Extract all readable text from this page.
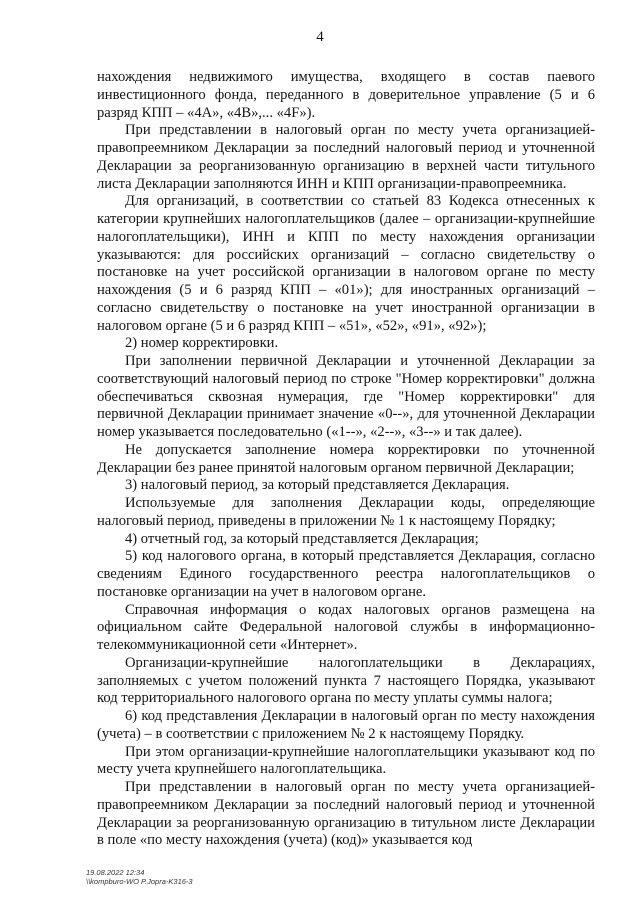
4

нахождения недвижимого имущества, входящего в состав паевого инвестиционного фонда, переданного в доверительное управление (5 и 6 разряд КПП – «4A», «4B»,... «4F»).

При представлении в налоговый орган по месту учета организацией-правопреемником Декларации за последний налоговый период и уточненной Декларации за реорганизованную организацию в верхней части титульного листа Декларации заполняются ИНН и КПП организации-правопреемника.

Для организаций, в соответствии со статьей 83 Кодекса отнесенных к категории крупнейших налогоплательщиков (далее – организации-крупнейшие налогоплательщики), ИНН и КПП по месту нахождения организации указываются: для российских организаций – согласно свидетельству о постановке на учет российской организации в налоговом органе по месту нахождения (5 и 6 разряд КПП – «01»); для иностранных организаций – согласно свидетельству о постановке на учет иностранной организации в налоговом органе (5 и 6 разряд КПП – «51», «52», «91», «92»);

2) номер корректировки.

При заполнении первичной Декларации и уточненной Декларации за соответствующий налоговый период по строке "Номер корректировки" должна обеспечиваться сквозная нумерация, где "Номер корректировки" для первичной Декларации принимает значение «0--», для уточненной Декларации номер указывается последовательно («1--», «2--», «3--» и так далее).

Не допускается заполнение номера корректировки по уточненной Декларации без ранее принятой налоговым органом первичной Декларации;

3) налоговый период, за который представляется Декларация.

Используемые для заполнения Декларации коды, определяющие налоговый период, приведены в приложении № 1 к настоящему Порядку;

4) отчетный год, за который представляется Декларация;

5) код налогового органа, в который представляется Декларация, согласно сведениям Единого государственного реестра налогоплательщиков о постановке организации на учет в налоговом органе.

Справочная информация о кодах налоговых органов размещена на официальном сайте Федеральной налоговой службы в информационно-телекоммуникационной сети «Интернет».

Организации-крупнейшие налогоплательщики в Декларациях, заполняемых с учетом положений пункта 7 настоящего Порядка, указывают код территориального налогового органа по месту уплаты суммы налога;

6) код представления Декларации в налоговый орган по месту нахождения (учета) – в соответствии с приложением № 2 к настоящему Порядку.

При этом организации-крупнейшие налогоплательщики указывают код по месту учета крупнейшего налогоплательщика.

При представлении в налоговый орган по месту учета организацией-правопреемником Декларации за последний налоговый период и уточненной Декларации за реорганизованную организацию в титульном листе Декларации в поле «по месту нахождения (учета) (код)» указывается код

19.08.2022 12:34
\\kompburo-WO P.Jopra-K316-3
